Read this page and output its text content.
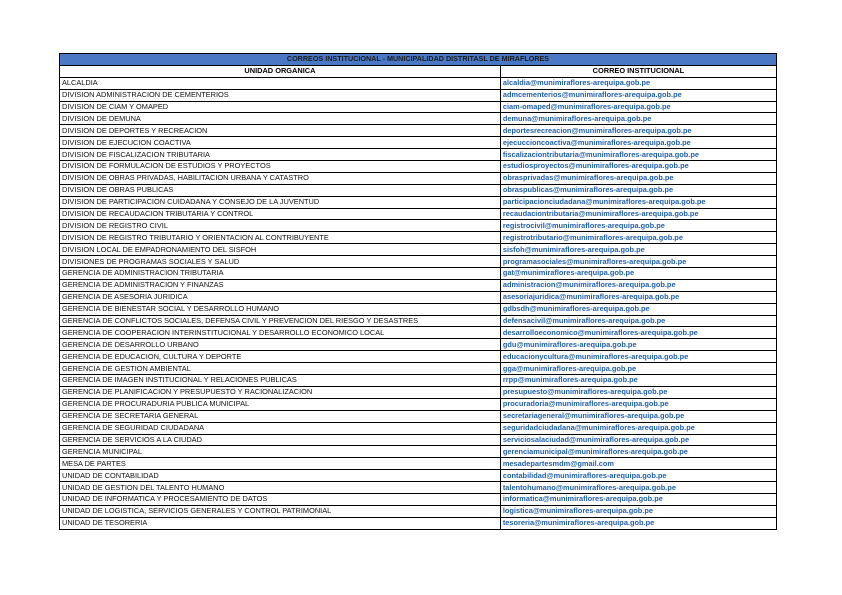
CORREOS INSTITUCIONAL - MUNICIPALIDAD DISTRITASL DE MIRAFLORES	
UNIDAD ORGANICA	CORREO INSTITUCIONAL
ALCALDIA	alcaldia@munimiraflores-arequipa.gob.pe
DIVISION ADMINISTRACION DE CEMENTERIOS	admcementerios@munimiraflores-arequipa.gob.pe
DIVISION DE CIAM Y OMAPED	ciam-omaped@munimiraflores-arequipa.gob.pe
DIVISION DE DEMUNA	demuna@munimiraflores-arequipa.gob.pe
DIVISION DE DEPORTES Y RECREACION	deportesrecreacion@munimiraflores-arequipa.gob.pe
DIVISION DE EJECUCION COACTIVA	ejecuccioncoactiva@munimiraflores-arequipa.gob.pe
DIVISION DE FISCALIZACION TRIBUTARIA	fiscalizaciontributaria@munimiraflores-arequipa.gob.pe
DIVISION DE FORMULACION DE ESTUDIOS Y PROYECTOS	estudiosproyectos@munimiraflores-arequipa.gob.pe
DIVISION DE OBRAS PRIVADAS, HABILITACION URBANA Y CATASTRO	obrasprivadas@munimiraflores-arequipa.gob.pe
DIVISION DE OBRAS PUBLICAS	obraspublicas@munimiraflores-arequipa.gob.pe
DIVISION DE PARTICIPACION CUIDADANA Y CONSEJO DE LA JUVENTUD	participacionciudadana@munimiraflores-arequipa.gob.pe
DIVISION DE RECAUDACION TRIBUTARIA Y CONTROL	recaudaciontributaria@munimiraflores-arequipa.gob.pe
DIVISION DE REGISTRO CIVIL	registrocivil@munimiraflores-arequipa.gob.pe
DIVISION DE REGISTRO TRIBUTARIO Y ORIENTACION AL CONTRIBUYENTE	registrotributario@munimiraflores-arequipa.gob.pe
DIVISION LOCAL DE EMPADRONAMIENTO DEL SISFOH	sisfoh@munimiraflores-arequipa.gob.pe
DIVISIONES DE PROGRAMAS SOCIALES Y SALUD	programasociales@munimiraflores-arequipa.gob.pe
GERENCIA DE ADMINISTRACION TRIBUTARIA	gat@munimiraflores-arequipa.gob.pe
GERENCIA DE ADMINISTRACION Y FINANZAS	administracion@munimiraflores-arequipa.gob.pe
GERENCIA DE ASESORIA JURIDICA	asesoriajuridica@munimiraflores-arequipa.gob.pe
GERENCIA DE BIENESTAR SOCIAL Y DESARROLLO HUMANO	gdbsdh@munimiraflores-arequipa.gob.pe
GERENCIA DE CONFLICTOS SOCIALES, DEFENSA CIVIL Y PREVENCION DEL RIESGO Y DESASTRES	defensacivil@munimiraflores-arequipa.gob.pe
GERENCIA DE COOPERACION INTERINSTITUCIONAL Y DESARROLLO ECONOMICO LOCAL	desarrolloeconomico@munimiraflores-arequipa.gob.pe
GERENCIA DE DESARROLLO URBANO	gdu@munimiraflores-arequipa.gob.pe
GERENCIA DE EDUCACION, CULTURA Y DEPORTE	educacionycultura@munimiraflores-arequipa.gob.pe
GERENCIA DE GESTION AMBIENTAL	gga@munimiraflores-arequipa.gob.pe
GERENCIA DE IMAGEN INSTITUCIONAL Y RELACIONES PUBLICAS	rrpp@munimiraflores-arequipa.gob.pe
GERENCIA DE PLANIFICACION Y PRESUPUESTO Y RACIONALIZACION	presupuesto@munimiraflores-arequipa.gob.pe
GERENCIA DE PROCURADURIA PUBLICA MUNICIPAL	procuradoria@munimiraflores-arequipa.gob.pe
GERENCIA DE SECRETARIA GENERAL	secretariageneral@munimiraflores-arequipa.gob.pe
GERENCIA DE SEGURIDAD CIUDADANA	seguridadciudadana@munimiraflores-arequipa.gob.pe
GERENCIA DE SERVICIOS A LA CIUDAD	serviciosalaciudad@munimiraflores-arequipa.gob.pe
GERENCIA MUNICIPAL	gerenciamunicipal@munimiraflores-arequipa.gob.pe
MESA DE PARTES	mesadepartesmdm@gmail.com
UNIDAD DE CONTABILIDAD	contabilidad@munimiraflores-arequipa.gob.pe
UNIDAD DE GESTION DEL TALENTO HUMANO	talentohumano@munimiraflores-arequipa.gob.pe
UNIDAD DE INFORMATICA Y PROCESAMIENTO DE DATOS	informatica@munimiraflores-arequipa.gob.pe
UNIDAD DE LOGISTICA, SERVICIOS GENERALES Y CONTROL PATRIMONIAL	logistica@munimiraflores-arequipa.gob.pe
UNIDAD DE TESORERIA	tesoreria@munimiraflores-arequipa.gob.pe
